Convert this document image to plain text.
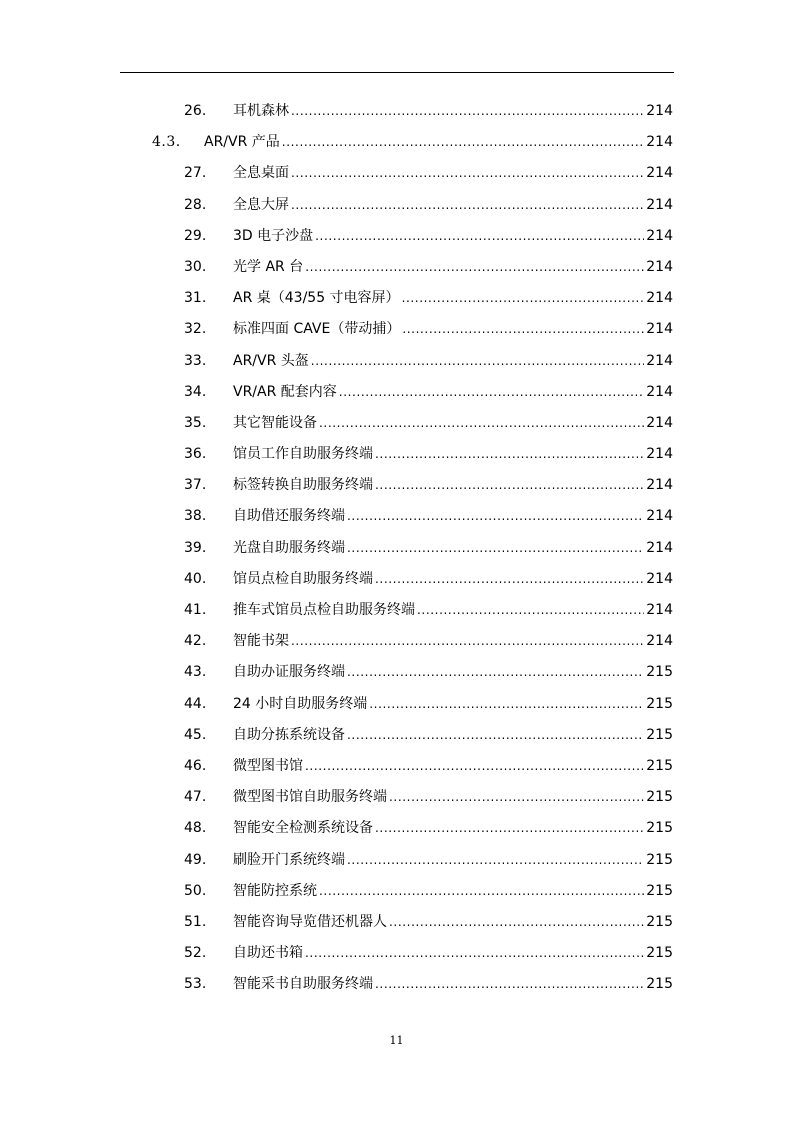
26. 耳机森林 .....	214
4.3. AR/VR 产品 .....	214
27. 全息桌面 .....	214
28. 全息大屏 .....	214
29. 3D 电子沙盘 .....	214
30. 光学 AR 台 .....	214
31. AR 桌（43/55 寸电容屏） .....	214
32. 标准四面 CAVE（带动捕） .....	214
33. AR/VR 头盔 .....	214
34. VR/AR 配套内容 .....	214
35. 其它智能设备 .....	214
36. 馆员工作自助服务终端 .....	214
37. 标签转换自助服务终端 .....	214
38. 自助借还服务终端 .....	214
39. 光盘自助服务终端 .....	214
40. 馆员点检自助服务终端 .....	214
41. 推车式馆员点检自助服务终端 .....	214
42. 智能书架 .....	214
43. 自助办证服务终端 .....	215
44. 24 小时自助服务终端 .....	215
45. 自助分拣系统设备 .....	215
46. 微型图书馆 .....	215
47. 微型图书馆自助服务终端 .....	215
48. 智能安全检测系统设备 .....	215
49. 刷脸开门系统终端 .....	215
50. 智能防控系统 .....	215
51. 智能咨询导览借还机器人 .....	215
52. 自助还书箱 .....	215
53. 智能采书自助服务终端 .....	215
11
